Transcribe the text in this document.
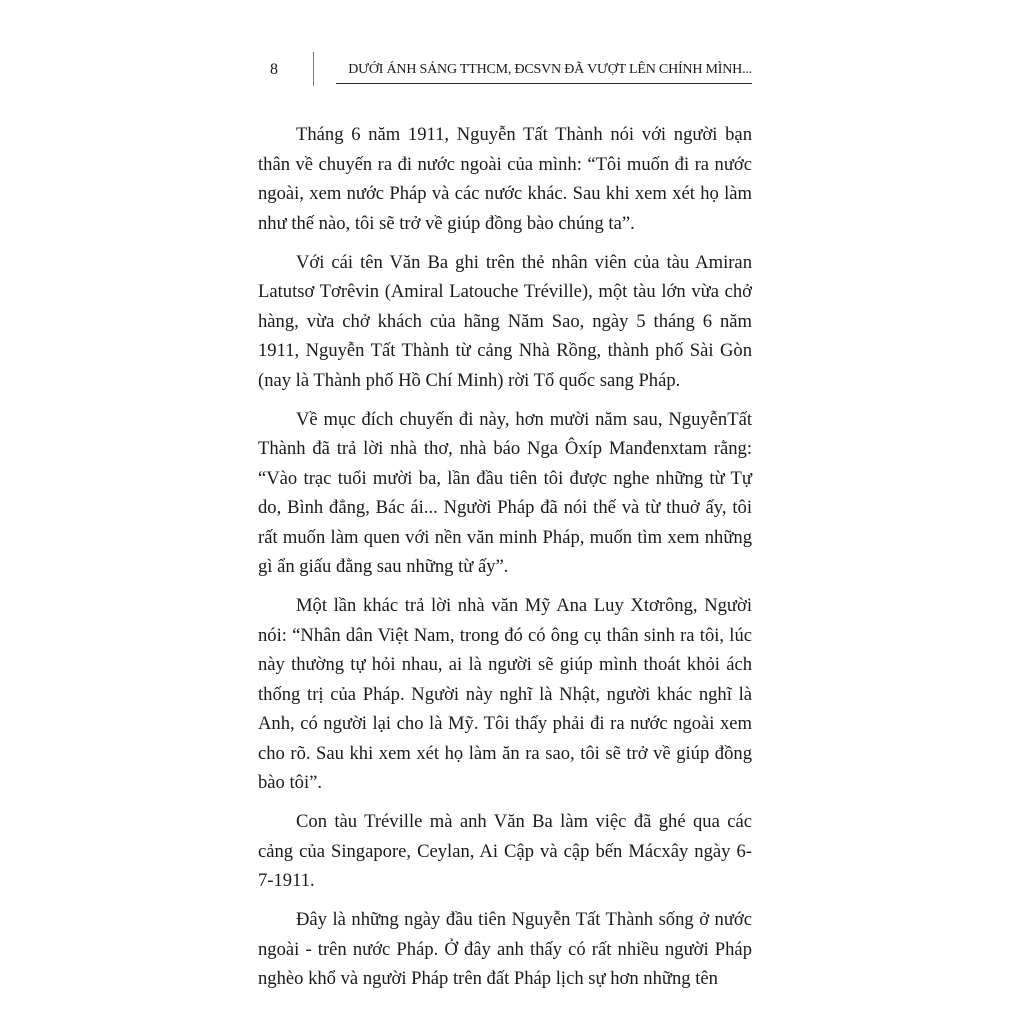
8	DƯỚI ÁNH SÁNG TTHCM, ĐCSVN ĐÃ VƯỢT LÊN CHÍNH MÌNH...

Tháng 6 năm 1911, Nguyễn Tất Thành nói với người bạn thân về chuyến ra đi nước ngoài của mình: “Tôi muốn đi ra nước ngoài, xem nước Pháp và các nước khác. Sau khi xem xét họ làm như thế nào, tôi sẽ trở về giúp đồng bào chúng ta”.

Với cái tên Văn Ba ghi trên thẻ nhân viên của tàu Amiran Latutsơ Tơrêvin (Amiral Latouche Tréville), một tàu lớn vừa chở hàng, vừa chở khách của hãng Năm Sao, ngày 5 tháng 6 năm 1911, Nguyễn Tất Thành từ cảng Nhà Rồng, thành phố Sài Gòn (nay là Thành phố Hồ Chí Minh) rời Tổ quốc sang Pháp.

Về mục đích chuyến đi này, hơn mười năm sau, NguyễnTất Thành đã trả lời nhà thơ, nhà báo Nga Ôxíp Manđenxtam rằng: “Vào trạc tuổi mười ba, lần đầu tiên tôi được nghe những từ Tự do, Bình đẳng, Bác ái... Người Pháp đã nói thế và từ thuở ấy, tôi rất muốn làm quen với nền văn minh Pháp, muốn tìm xem những gì ẩn giấu đằng sau những từ ấy”.

Một lần khác trả lời nhà văn Mỹ Ana Luy Xtơrông, Người nói: “Nhân dân Việt Nam, trong đó có ông cụ thân sinh ra tôi, lúc này thường tự hỏi nhau, ai là người sẽ giúp mình thoát khỏi ách thống trị của Pháp. Người này nghĩ là Nhật, người khác nghĩ là Anh, có người lại cho là Mỹ. Tôi thấy phải đi ra nước ngoài xem cho rõ. Sau khi xem xét họ làm ăn ra sao, tôi sẽ trở về giúp đồng bào tôi”.

Con tàu Tréville mà anh Văn Ba làm việc đã ghé qua các cảng của Singapore, Ceylan, Ai Cập và cập bến Mácxây ngày 6-7-1911.

Đây là những ngày đầu tiên Nguyễn Tất Thành sống ở nước ngoài - trên nước Pháp. Ở đây anh thấy có rất nhiều người Pháp nghèo khổ và người Pháp trên đất Pháp lịch sự hơn những tên
